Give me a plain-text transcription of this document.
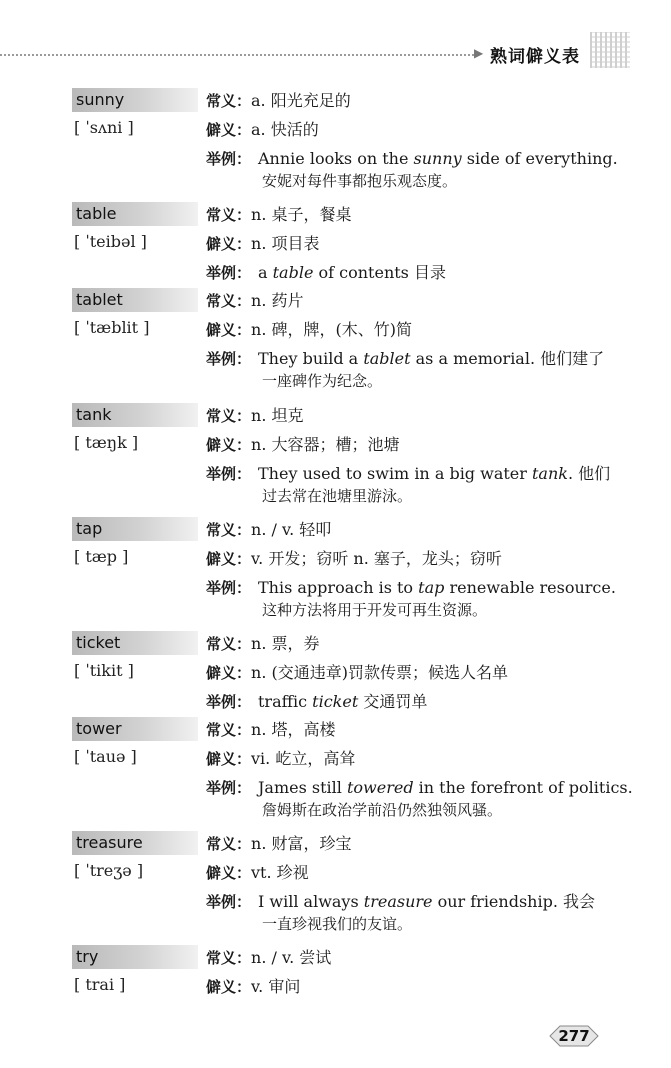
▶ 熟词僻义表
sunny
[ ˈsʌni ]
常义：a. 阳光充足的
僻义：a. 快活的
举例： Annie looks on the sunny side of everything.
安妮对每件事都抱乐观态度。
table
[ ˈteibəl ]
常义：n. 桌子，餐桌
僻义：n. 项目表
举例： a table of contents 目录
tablet
[ ˈtæblit ]
常义：n. 药片
僻义：n. 碑，牌，(木、竹)简
举例： They build a tablet as a memorial. 他们建了
一座碑作为纪念。
tank
[ tæŋk ]
常义：n. 坦克
僻义：n. 大容器；槽；池塘
举例： They used to swim in a big water tank. 他们
过去常在池塘里游泳。
tap
[ tæp ]
常义：n. / v. 轻叩
僻义：v. 开发；窃听 n. 塞子，龙头；窃听
举例： This approach is to tap renewable resource.
这种方法将用于开发可再生资源。
ticket
[ ˈtikit ]
常义：n. 票，券
僻义：n. (交通违章)罚款传票；候选人名单
举例： traffic ticket 交通罚单
tower
[ ˈtauə ]
常义：n. 塔，高楼
僻义：vi. 屹立，高耸
举例： James still towered in the forefront of politics.
詹姆斯在政治学前沿仍然独领风骚。
treasure
[ ˈtreʒə ]
常义：n. 财富，珍宝
僻义：vt. 珍视
举例： I will always treasure our friendship. 我会
一直珍视我们的友谊。
try
[ trai ]
常义：n. / v. 尝试
僻义：v. 审问
277
